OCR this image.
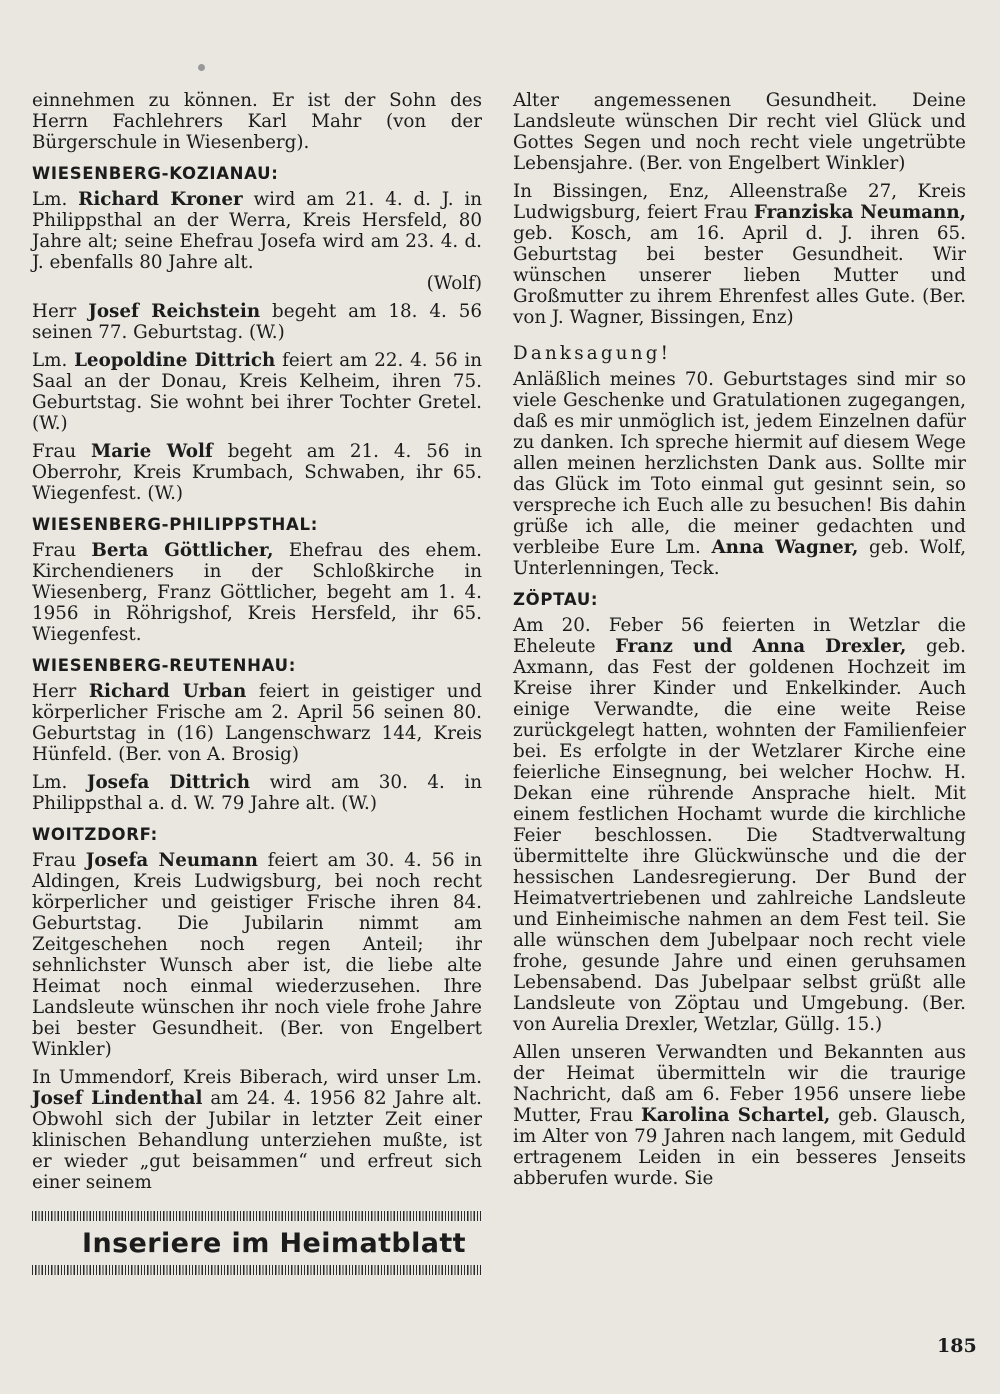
einnehmen zu können. Er ist der Sohn des Herrn Fachlehrers Karl Mahr (von der Bürgerschule in Wiesenberg).

WIESENBERG-KOZIANAU:

Lm. Richard Kroner wird am 21. 4. d. J. in Philippsthal an der Werra, Kreis Hersfeld, 80 Jahre alt; seine Ehefrau Josefa wird am 23. 4. d. J. ebenfalls 80 Jahre alt.

(Wolf)

Herr Josef Reichstein begeht am 18. 4. 56 seinen 77. Geburtstag. (W.)

Lm. Leopoldine Dittrich feiert am 22. 4. 56 in Saal an der Donau, Kreis Kelheim, ihren 75. Geburtstag. Sie wohnt bei ihrer Tochter Gretel. (W.)

Frau Marie Wolf begeht am 21. 4. 56 in Oberrohr, Kreis Krumbach, Schwaben, ihr 65. Wiegenfest. (W.)

WIESENBERG-PHILIPPSTHAL:

Frau Berta Göttlicher, Ehefrau des ehem. Kirchendieners in der Schloßkirche in Wiesenberg, Franz Göttlicher, begeht am 1. 4. 1956 in Röhrigshof, Kreis Hersfeld, ihr 65. Wiegenfest.

WIESENBERG-REUTENHAU:

Herr Richard Urban feiert in geistiger und körperlicher Frische am 2. April 56 seinen 80. Geburtstag in (16) Langenschwarz 144, Kreis Hünfeld. (Ber. von A. Brosig)

Lm. Josefa Dittrich wird am 30. 4. in Philippsthal a. d. W. 79 Jahre alt. (W.)

WOITZDORF:

Frau Josefa Neumann feiert am 30. 4. 56 in Aldingen, Kreis Ludwigsburg, bei noch recht körperlicher und geistiger Frische ihren 84. Geburtstag. Die Jubilarin nimmt am Zeitgeschehen noch regen Anteil; ihr sehnlichster Wunsch aber ist, die liebe alte Heimat noch einmal wiederzusehen. Ihre Landsleute wünschen ihr noch viele frohe Jahre bei bester Gesundheit. (Ber. von Engelbert Winkler)

In Ummendorf, Kreis Biberach, wird unser Lm. Josef Lindenthal am 24. 4. 1956 82 Jahre alt. Obwohl sich der Jubilar in letzter Zeit einer klinischen Behandlung unterziehen mußte, ist er wieder „gut beisammen“ und erfreut sich einer seinem

Inseriere im Heimatblatt

Alter angemessenen Gesundheit. Deine Landsleute wünschen Dir recht viel Glück und Gottes Segen und noch recht viele ungetrübte Lebensjahre. (Ber. von Engelbert Winkler)

In Bissingen, Enz, Alleenstraße 27, Kreis Ludwigsburg, feiert Frau Franziska Neumann, geb. Kosch, am 16. April d. J. ihren 65. Geburtstag bei bester Gesundheit. Wir wünschen unserer lieben Mutter und Großmutter zu ihrem Ehrenfest alles Gute. (Ber. von J. Wagner, Bissingen, Enz)

Danksagung!

Anläßlich meines 70. Geburtstages sind mir so viele Geschenke und Gratulationen zugegangen, daß es mir unmöglich ist, jedem Einzelnen dafür zu danken. Ich spreche hiermit auf diesem Wege allen meinen herzlichsten Dank aus. Sollte mir das Glück im Toto einmal gut gesinnt sein, so verspreche ich Euch alle zu besuchen! Bis dahin grüße ich alle, die meiner gedachten und verbleibe Eure Lm. Anna Wagner, geb. Wolf, Unterlenningen, Teck.

ZÖPTAU:

Am 20. Feber 56 feierten in Wetzlar die Eheleute Franz und Anna Drexler, geb. Axmann, das Fest der goldenen Hochzeit im Kreise ihrer Kinder und Enkelkinder. Auch einige Verwandte, die eine weite Reise zurückgelegt hatten, wohnten der Familienfeier bei. Es erfolgte in der Wetzlarer Kirche eine feierliche Einsegnung, bei welcher Hochw. H. Dekan eine rührende Ansprache hielt. Mit einem festlichen Hochamt wurde die kirchliche Feier beschlossen. Die Stadtverwaltung übermittelte ihre Glückwünsche und die der hessischen Landesregierung. Der Bund der Heimatvertriebenen und zahlreiche Landsleute und Einheimische nahmen an dem Fest teil. Sie alle wünschen dem Jubelpaar noch recht viele frohe, gesunde Jahre und einen geruhsamen Lebensabend. Das Jubelpaar selbst grüßt alle Landsleute von Zöptau und Umgebung. (Ber. von Aurelia Drexler, Wetzlar, Güllg. 15.)

Allen unseren Verwandten und Bekannten aus der Heimat übermitteln wir die traurige Nachricht, daß am 6. Feber 1956 unsere liebe Mutter, Frau Karolina Schartel, geb. Glausch, im Alter von 79 Jahren nach langem, mit Geduld ertragenem Leiden in ein besseres Jenseits abberufen wurde. Sie

185
